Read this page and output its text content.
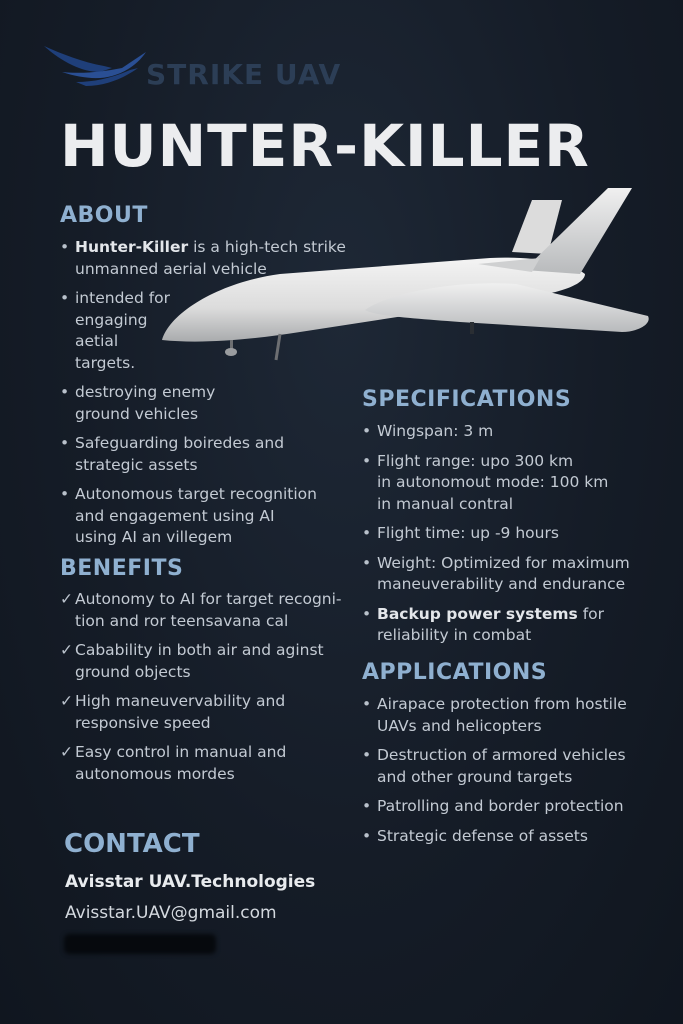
STRIKE UAV
HUNTER-KILLER
ABOUT
• Hunter-Killer is a high-tech strike
unmanned aerial vehicle
• intended for
engaging
aetial
targets.
• destroying enemy
ground vehicles
• Safeguarding boiredes and
strategic assets
• Autonomous target recognition
and engagement using AI
using AI an villegem
BENEFITS
✓ Autonomy to AI for target recogni-
tion and ror teensavana cal
✓ Cabability in both air and aginst
ground objects
✓ High maneuvervability and
responsive speed
✓ Easy control in manual and
autonomous mordes
SPECIFICATIONS
• Wingspan: 3 m
• Flight range: upo 300 km
in autonomout mode: 100 km
in manual contral
• Flight time: up -9 hours
• Weight: Optimized for maximum
maneuverability and endurance
• Backup power systems for
reliability in combat
APPLICATIONS
• Airapace protection from hostile
UAVs and helicopters
• Destruction of armored vehicles
and other ground targets
• Patrolling and border protection
• Strategic defense of assets
CONTACT
Avisstar UAV.Technologies
Avisstar.UAV@gmail.com
